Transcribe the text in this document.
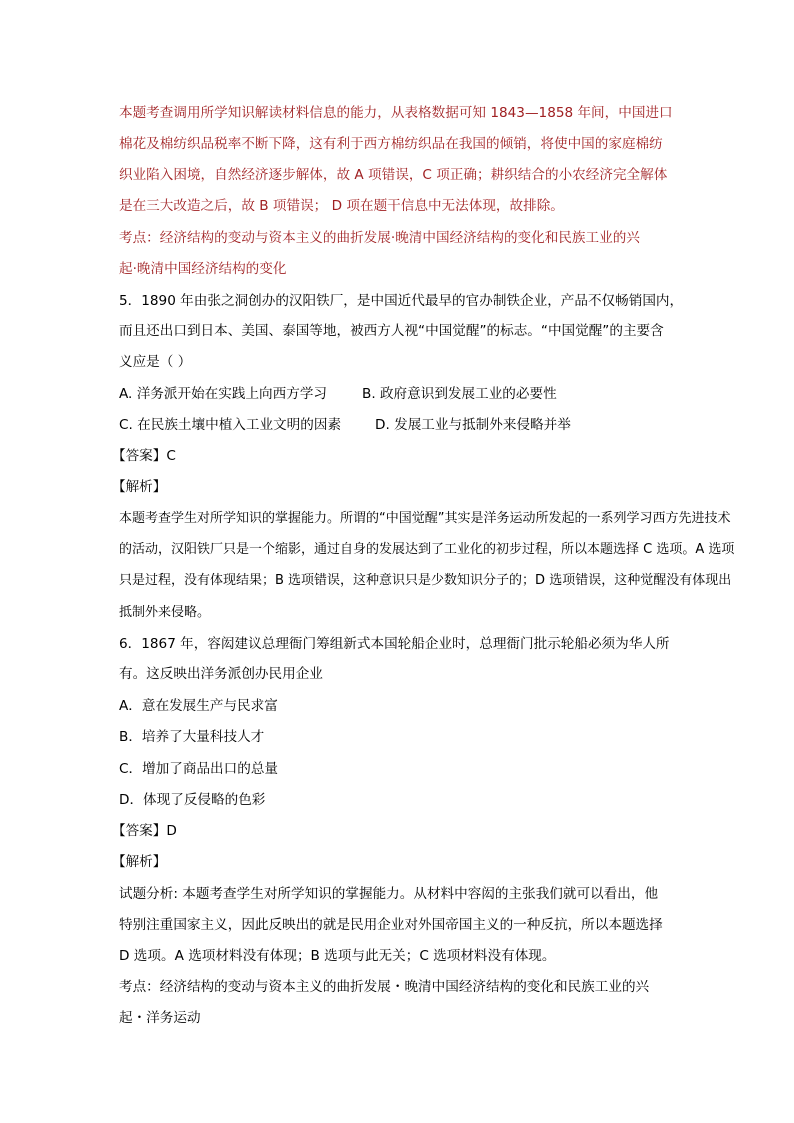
本题考查调用所学知识解读材料信息的能力，从表格数据可知 1843—1858 年间，中国进口
棉花及棉纺织品税率不断下降，这有利于西方棉纺织品在我国的倾销，将使中国的家庭棉纺
织业陷入困境，自然经济逐步解体，故 A 项错误，C 项正确；耕织结合的小农经济完全解体
是在三大改造之后，故 B 项错误； D 项在题干信息中无法体现，故排除。
考点：经济结构的变动与资本主义的曲折发展·晚清中国经济结构的变化和民族工业的兴
起·晚清中国经济结构的变化
5．1890 年由张之洞创办的汉阳铁厂，是中国近代最早的官办制铁企业，产品不仅畅销国内，
而且还出口到日本、美国、泰国等地，被西方人视“中国觉醒”的标志。“中国觉醒”的主要含
义应是（ ）
A. 洋务派开始在实践上向西方学习	B. 政府意识到发展工业的必要性
C. 在民族土壤中植入工业文明的因素 D. 发展工业与抵制外来侵略并举
【答案】C
【解析】
本题考查学生对所学知识的掌握能力。所谓的“中国觉醒”其实是洋务运动所发起的一系列学习西方先进技术
的活动，汉阳铁厂只是一个缩影，通过自身的发展达到了工业化的初步过程，所以本题选择 C 选项。A 选项
只是过程，没有体现结果；B 选项错误，这种意识只是少数知识分子的；D 选项错误，这种觉醒没有体现出
抵制外来侵略。
6．1867 年，容闳建议总理衙门筹组新式本国轮船企业时，总理衙门批示轮船必须为华人所
有。这反映出洋务派创办民用企业
A．意在发展生产与民求富
B．培养了大量科技人才
C．增加了商品出口的总量
D．体现了反侵略的色彩
【答案】D
【解析】
试题分析: 本题考查学生对所学知识的掌握能力。从材料中容闳的主张我们就可以看出，他
特别注重国家主义，因此反映出的就是民用企业对外国帝国主义的一种反抗，所以本题选择
D 选项。A 选项材料没有体现；B 选项与此无关；C 选项材料没有体现。
考点：经济结构的变动与资本主义的曲折发展・晚清中国经济结构的变化和民族工业的兴
起・洋务运动
